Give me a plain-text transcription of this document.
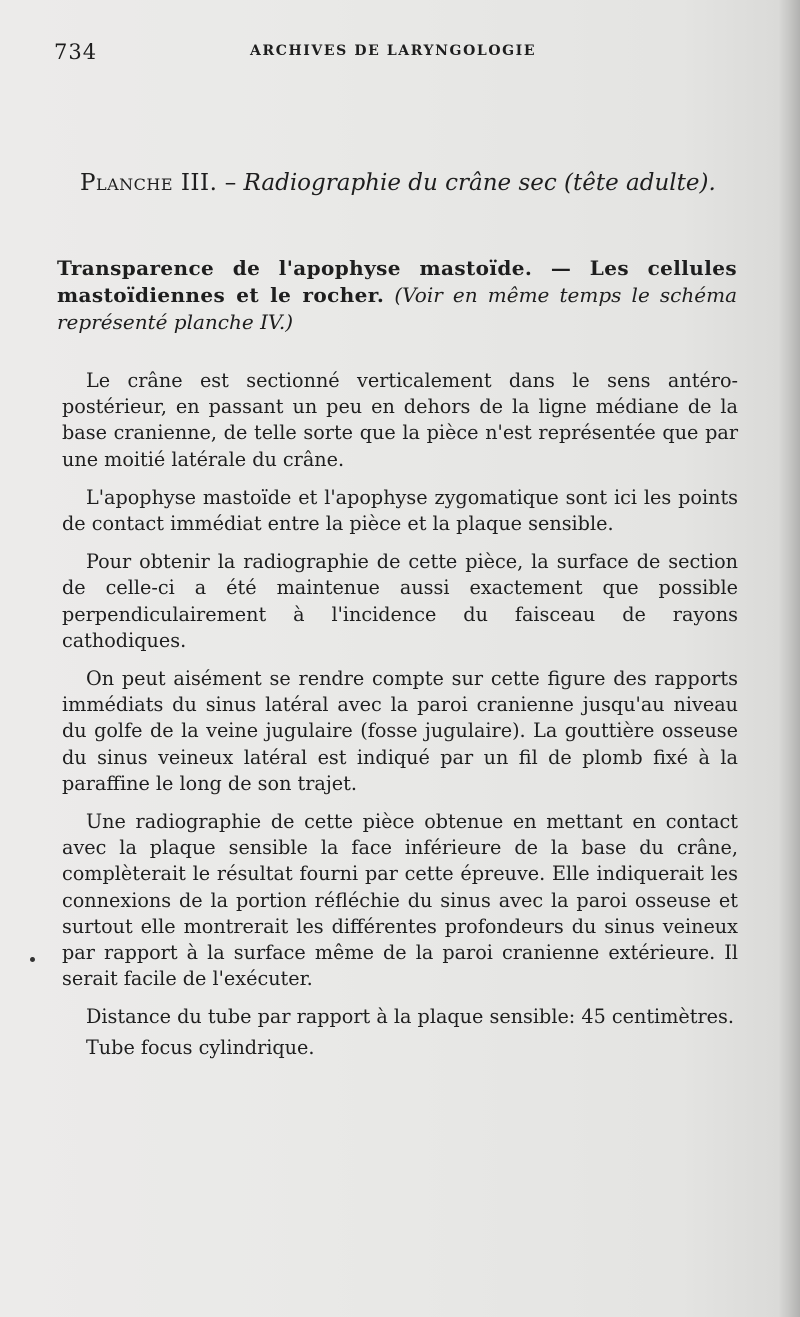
734	ARCHIVES DE LARYNGOLOGIE
Planche III. – Radiographie du crâne sec (tête adulte).
Transparence de l'apophyse mastoïde. — Les cellules mastoïdiennes et le rocher. (Voir en même temps le schéma représenté planche IV.)

Le crâne est sectionné verticalement dans le sens antéro-postérieur, en passant un peu en dehors de la ligne médiane de la base cranienne, de telle sorte que la pièce n'est représentée que par une moitié latérale du crâne.

L'apophyse mastoïde et l'apophyse zygomatique sont ici les points de contact immédiat entre la pièce et la plaque sensible.

Pour obtenir la radiographie de cette pièce, la surface de section de celle-ci a été maintenue aussi exactement que possible perpendiculairement à l'incidence du faisceau de rayons cathodiques.

On peut aisément se rendre compte sur cette figure des rapports immédiats du sinus latéral avec la paroi cranienne jusqu'au niveau du golfe de la veine jugulaire (fosse jugulaire). La gouttière osseuse du sinus veineux latéral est indiqué par un fil de plomb fixé à la paraffine le long de son trajet.

Une radiographie de cette pièce obtenue en mettant en contact avec la plaque sensible la face inférieure de la base du crâne, complèterait le résultat fourni par cette épreuve. Elle indiquerait les connexions de la portion réfléchie du sinus avec la paroi osseuse et surtout elle montrerait les différentes profondeurs du sinus veineux par rapport à la surface même de la paroi cranienne extérieure. Il serait facile de l'exécuter.

Distance du tube par rapport à la plaque sensible: 45 centimètres.

Tube focus cylindrique.
